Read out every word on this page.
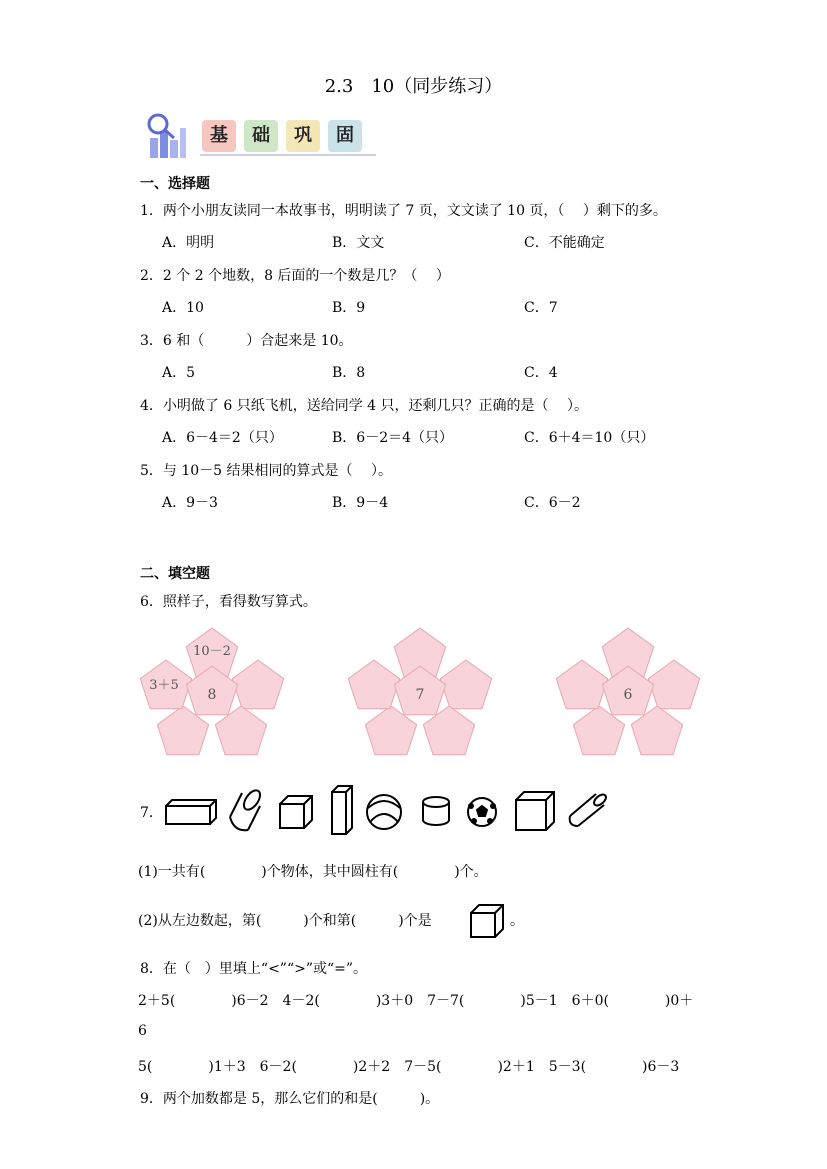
2.3　10（同步练习）
基	础	巩	固
一、选择题
1．两个小朋友读同一本故事书，明明读了 7 页，文文读了 10 页，（　 ）剩下的多。
A．明明	B．文文	C．不能确定
2．2 个 2 个地数，8 后面的一个数是几？（　 ）
A．10	B．9	C．7
3．6 和（　　　）合起来是 10。
A．5	B．8	C．4
4．小明做了 6 只纸飞机，送给同学 4 只，还剩几只？正确的是（　 ）。
A．6－4＝2（只）	B．6－2＝4（只）	C．6＋4＝10（只）
5．与 10－5 结果相同的算式是（　 ）。
A．9－3	B．9－4	C．6－2
二、填空题
6．照样子，看得数写算式。
10－2
3＋5
8	7	6
7．
(1)一共有(　　　　)个物体，其中圆柱有(　　　　)个。
(2)从左边数起，第(　　　)个和第(　　　)个是	。
8．在（　）里填上“<”“>”或“=”。
2＋5(　　　　)6－2　4－2(　　　　)3＋0　7－7(　　　　)5－1　6＋0(　　　　)0＋
6
5(　　　　)1＋3　6－2(　　　　)2＋2　7－5(　　　　)2＋1　5－3(　　　　)6－3
9．两个加数都是 5，那么它们的和是(　　　)。
